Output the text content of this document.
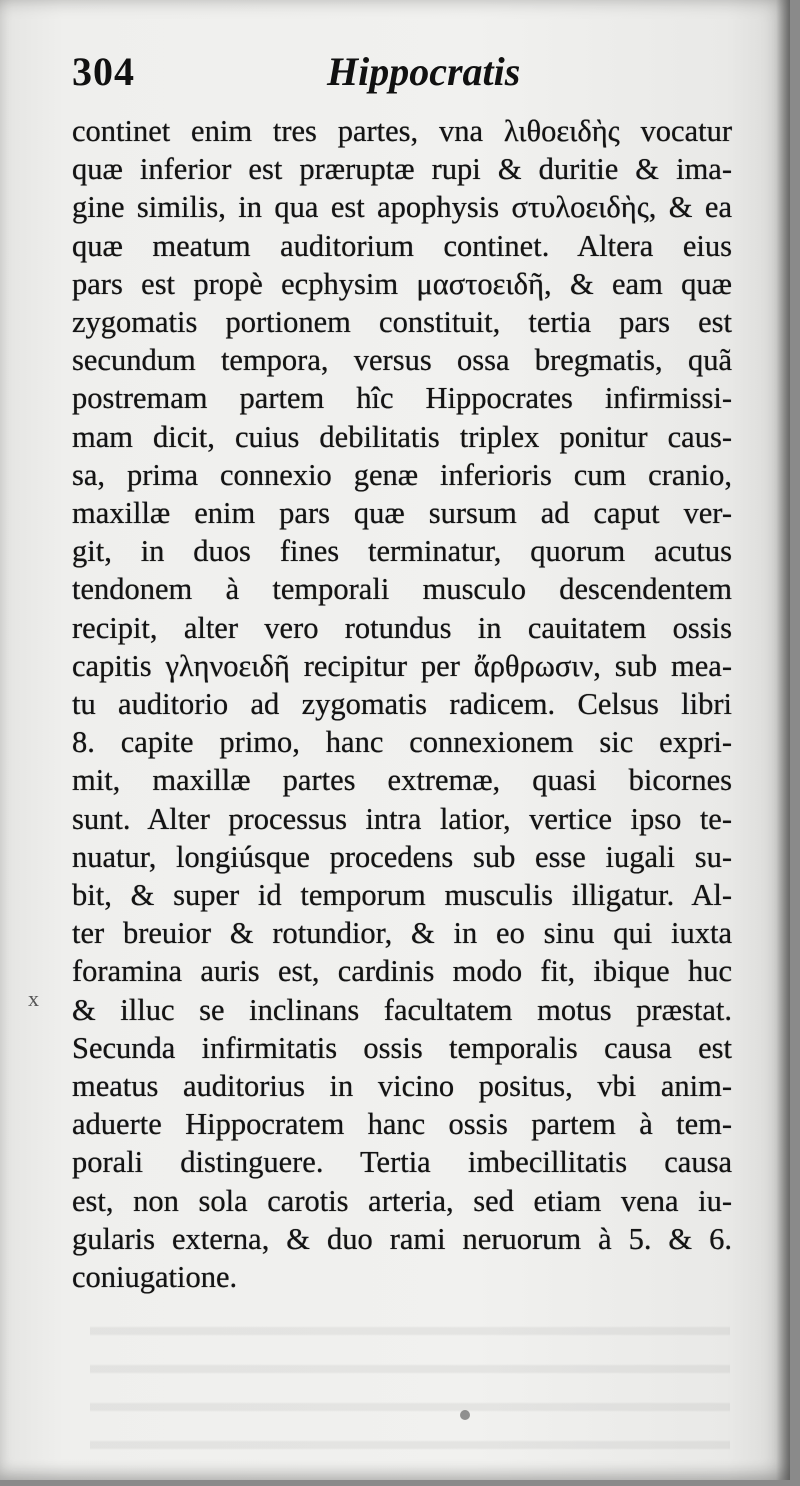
304	Hippocratis
continet enim tres partes, vna λιθοειδὴς vocatur
quæ inferior est præruptæ rupi & duritie & ima-
gine similis, in qua est apophysis στυλοειδὴς, & ea
quæ meatum auditorium continet. Altera eius
pars est propè ecphysim μαστοειδῆ, & eam quæ
zygomatis portionem constituit, tertia pars est
secundum tempora, versus ossa bregmatis, quã
postremam partem hîc Hippocrates infirmissi-
mam dicit, cuius debilitatis triplex ponitur caus-
sa, prima connexio genæ inferioris cum cranio,
maxillæ enim pars quæ sursum ad caput ver-
git, in duos fines terminatur, quorum acutus
tendonem à temporali musculo descendentem
recipit, alter vero rotundus in cauitatem ossis
capitis γληνοειδῆ recipitur per ἄρθρωσιν, sub mea-
tu auditorio ad zygomatis radicem. Celsus libri
8. capite primo, hanc connexionem sic expri-
mit, maxillæ partes extremæ, quasi bicornes
sunt. Alter processus intra latior, vertice ipso te-
nuatur, longiúsque procedens sub esse iugali su-
bit, & super id temporum musculis illigatur. Al-
ter breuior & rotundior, & in eo sinu qui iuxta
foramina auris est, cardinis modo fit, ibique huc
& illuc se inclinans facultatem motus præstat.
Secunda infirmitatis ossis temporalis causa est
meatus auditorius in vicino positus, vbi anim-
aduerte Hippocratem hanc ossis partem à tem-
porali distinguere. Tertia imbecillitatis causa
est, non sola carotis arteria, sed etiam vena iu-
gularis externa, & duo rami neruorum à 5. & 6.
coniugatione.
x
